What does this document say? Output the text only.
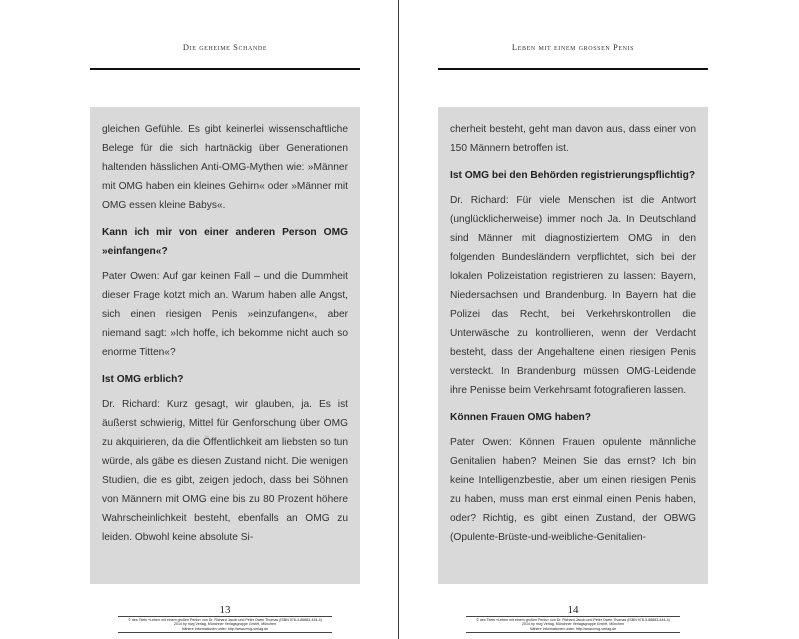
Die geheime Schande

gleichen Gefühle. Es gibt keinerlei wissenschaftliche Belege für die sich hartnäckig über Generationen haltenden hässlichen Anti-OMG-Mythen wie: »Männer mit OMG haben ein kleines Gehirn« oder »Männer mit OMG essen kleine Babys«.

Kann ich mir von einer anderen Person OMG »einfangen«?

Pater Owen: Auf gar keinen Fall – und die Dummheit dieser Frage kotzt mich an. Warum haben alle Angst, sich einen riesigen Penis »einzufangen«, aber niemand sagt: »Ich hoffe, ich bekomme nicht auch so enorme Titten«?

Ist OMG erblich?

Dr. Richard: Kurz gesagt, wir glauben, ja. Es ist äußerst schwierig, Mittel für Genforschung über OMG zu akquirieren, da die Öffentlichkeit am liebsten so tun würde, als gäbe es diesen Zustand nicht. Die wenigen Studien, die es gibt, zeigen jedoch, dass bei Söhnen von Männern mit OMG eine bis zu 80 Prozent höhere Wahrscheinlichkeit besteht, ebenfalls an OMG zu leiden. Obwohl keine absolute Si-

13
© des Titels »Leben mit einem großen Penis« von Dr. Richard Jacob und Peter Owen Thomas (ISBN 978-3-86883-444-4)
2014 by mvg Verlag, Münchner Verlagsgruppe GmbH, München
Nähere Informationen unter: http://www.mvg-verlag.de
Leben mit einem grossen Penis

cherheit besteht, geht man davon aus, dass einer von 150 Männern betroffen ist.

Ist OMG bei den Behörden registrierungspflichtig?

Dr. Richard: Für viele Menschen ist die Antwort (unglücklicherweise) immer noch Ja. In Deutschland sind Männer mit diagnostiziertem OMG in den folgenden Bundesländern verpflichtet, sich bei der lokalen Polizeistation registrieren zu lassen: Bayern, Niedersachsen und Brandenburg. In Bayern hat die Polizei das Recht, bei Verkehrskontrollen die Unterwäsche zu kontrollieren, wenn der Verdacht besteht, dass der Angehaltene einen riesigen Penis versteckt. In Brandenburg müssen OMG-Leidende ihre Penisse beim Verkehrsamt fotografieren lassen.

Können Frauen OMG haben?

Pater Owen: Können Frauen opulente männliche Genitalien haben? Meinen Sie das ernst? Ich bin keine Intelligenzbestie, aber um einen riesigen Penis zu haben, muss man erst einmal einen Penis haben, oder? Richtig, es gibt einen Zustand, der OBWG (Opulente-Brüste-und-weibliche-Genitalien-

14
© des Titels »Leben mit einem großen Penis« von Dr. Richard Jacob und Peter Owen Thomas (ISBN 978-3-86883-444-4)
2014 by mvg Verlag, Münchner Verlagsgruppe GmbH, München
Nähere Informationen unter: http://www.mvg-verlag.de
